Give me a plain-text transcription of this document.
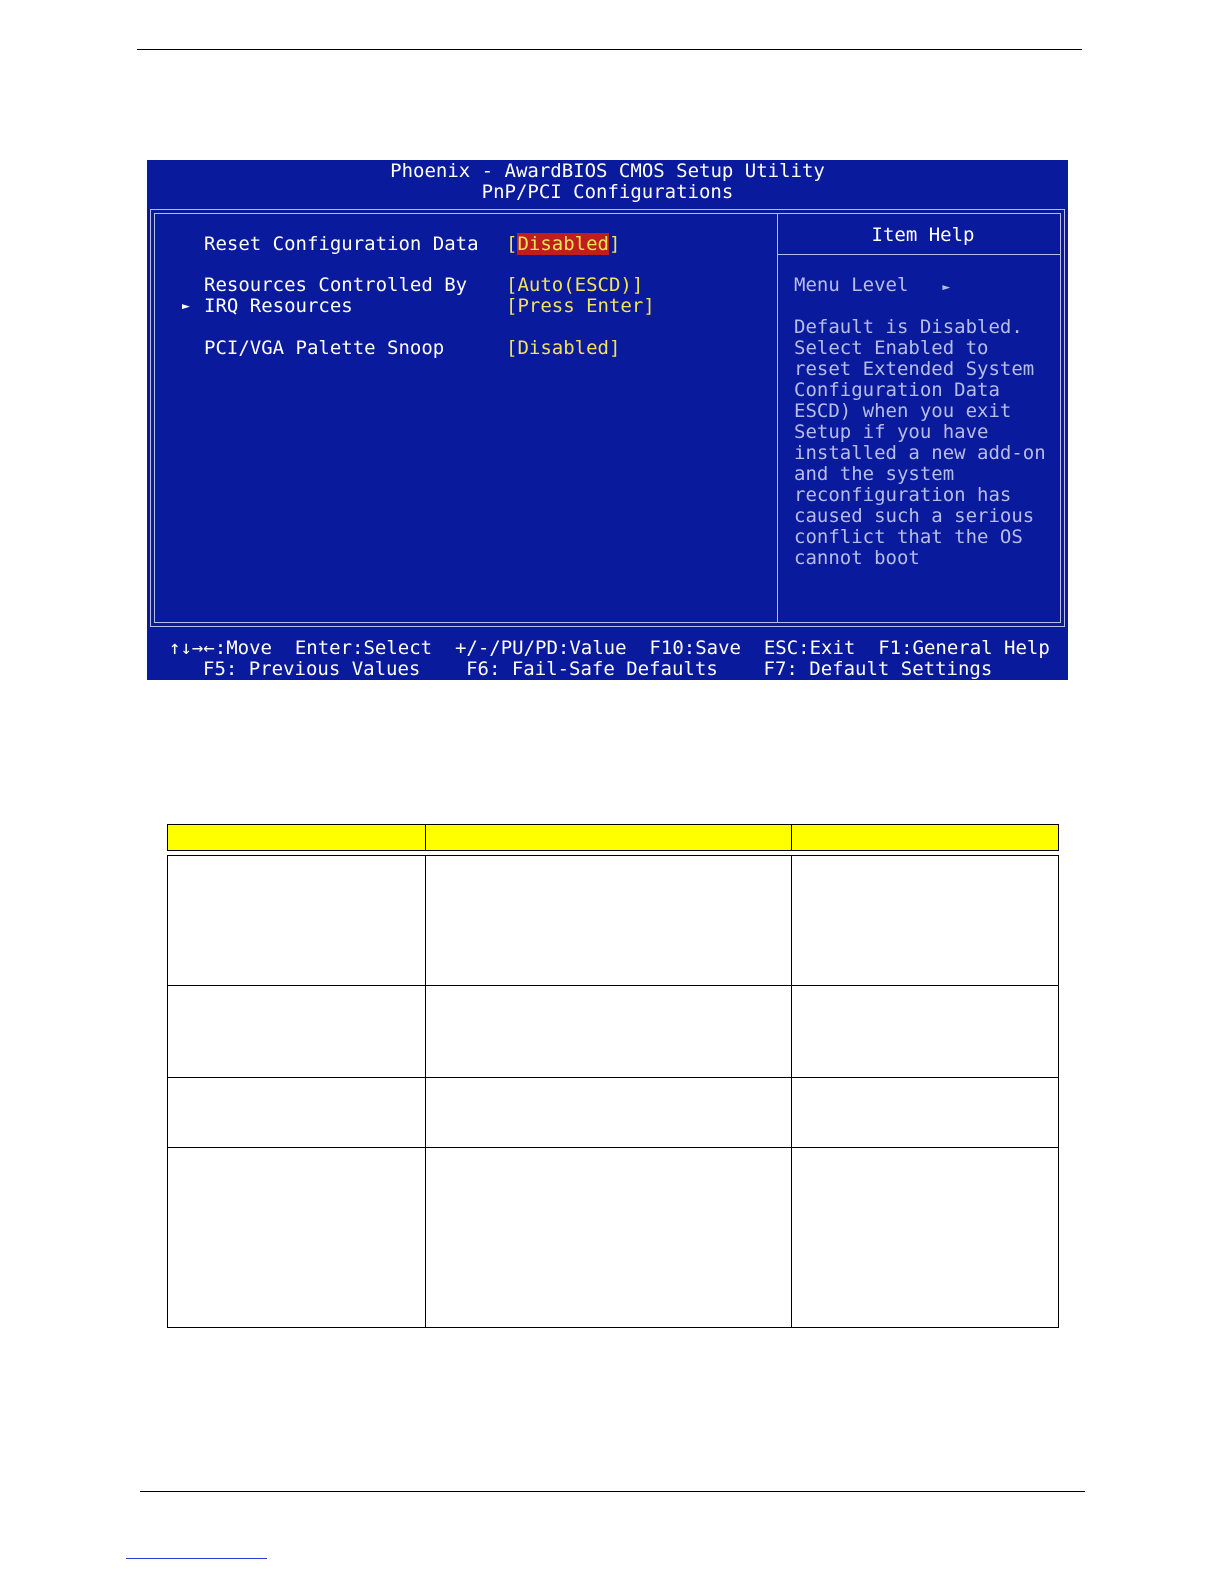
Phoenix - AwardBIOS CMOS Setup Utility
PnP/PCI Configurations
Reset Configuration Data [Disabled]
Resources Controlled By [Auto(ESCD)]
► IRQ Resources	[Press Enter]
PCI/VGA Palette Snoop	[Disabled]
Item Help
Menu Level	►
Default is Disabled.
Select Enabled to
reset Extended System
Configuration Data
ESCD) when you exit
Setup if you have
installed a new add-on
and the system
reconfiguration has
caused such a serious
conflict that the OS
cannot boot
↑↓→←:Move  Enter:Select  +/-/PU/PD:Value  F10:Save  ESC:Exit  F1:General Help
F5: Previous Values    F6: Fail-Safe Defaults    F7: Default Settings
